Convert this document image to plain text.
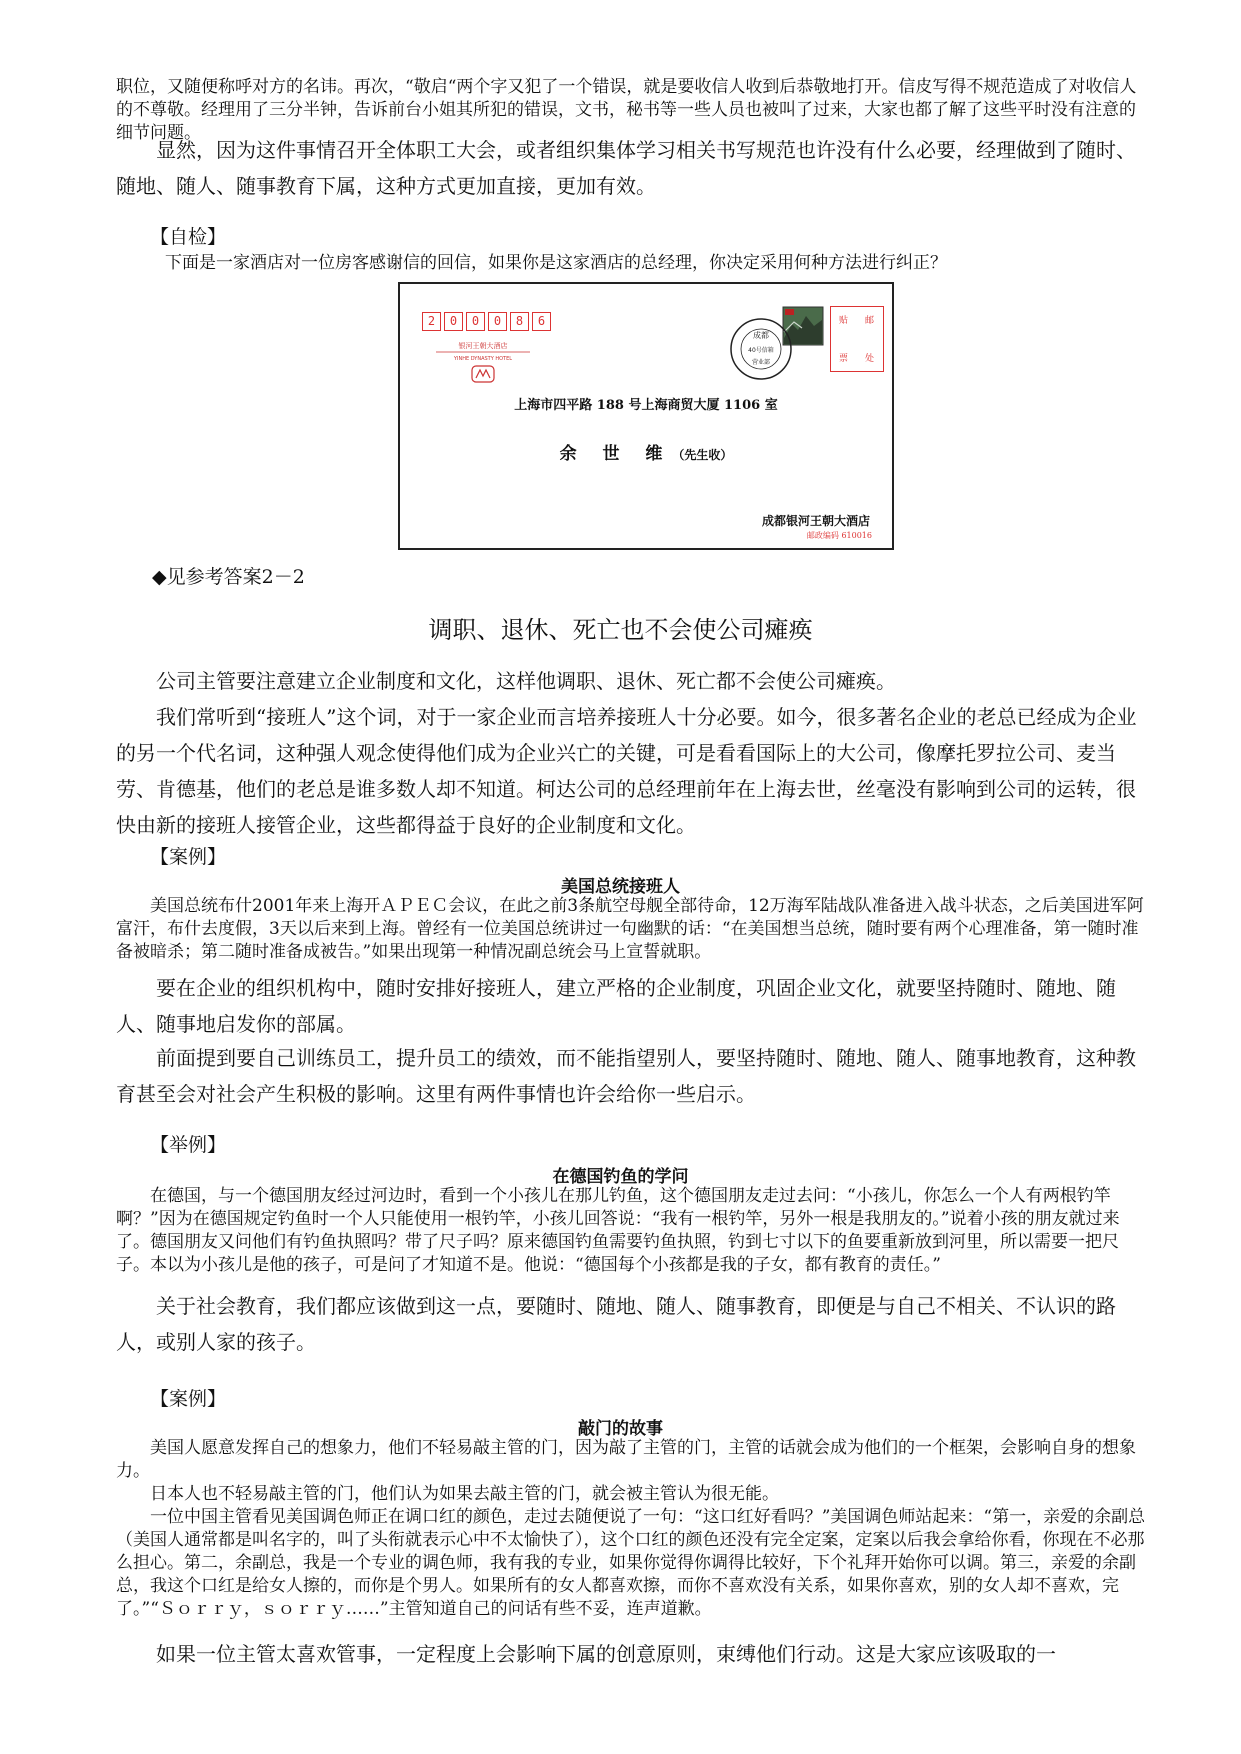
职位，又随便称呼对方的名讳。再次，“敬启“两个字又犯了一个错误，就是要收信人收到后恭敬地打开。信皮写得不规范造成了对收信人的不尊敬。经理用了三分半钟，告诉前台小姐其所犯的错误，文书，秘书等一些人员也被叫了过来，大家也都了解了这些平时没有注意的细节问题。

显然，因为这件事情召开全体职工大会，或者组织集体学习相关书写规范也许没有什么必要，经理做到了随时、随地、随人、随事教育下属，这种方式更加直接，更加有效。

【自检】

下面是一家酒店对一位房客感谢信的回信，如果你是这家酒店的总经理，你决定采用何种方法进行纠正？

2	0	0	0	8	6
银河王朝大酒店
YINHE DYNASTY HOTEL
成都
40号信箱
营业部
贴 邮
票 处
上海市四平路 188 号上海商贸大厦 1106 室
余 世 维（先生收）
成都银河王朝大酒店
邮政编码 610016

◆见参考答案2－2

调职、退休、死亡也不会使公司瘫痪

公司主管要注意建立企业制度和文化，这样他调职、退休、死亡都不会使公司瘫痪。

我们常听到“接班人”这个词，对于一家企业而言培养接班人十分必要。如今，很多著名企业的老总已经成为企业的另一个代名词，这种强人观念使得他们成为企业兴亡的关键，可是看看国际上的大公司，像摩托罗拉公司、麦当劳、肯德基，他们的老总是谁多数人却不知道。柯达公司的总经理前年在上海去世，丝毫没有影响到公司的运转，很快由新的接班人接管企业，这些都得益于良好的企业制度和文化。

【案例】

美国总统接班人

美国总统布什2001年来上海开ＡＰＥＣ会议，在此之前3条航空母舰全部待命，12万海军陆战队准备进入战斗状态，之后美国进军阿富汗，布什去度假，3天以后来到上海。曾经有一位美国总统讲过一句幽默的话：“在美国想当总统，随时要有两个心理准备，第一随时准备被暗杀；第二随时准备成被告。”如果出现第一种情况副总统会马上宣誓就职。

要在企业的组织机构中，随时安排好接班人，建立严格的企业制度，巩固企业文化，就要坚持随时、随地、随人、随事地启发你的部属。

前面提到要自己训练员工，提升员工的绩效，而不能指望别人，要坚持随时、随地、随人、随事地教育，这种教育甚至会对社会产生积极的影响。这里有两件事情也许会给你一些启示。

【举例】

在德国钓鱼的学问

在德国，与一个德国朋友经过河边时，看到一个小孩儿在那儿钓鱼，这个德国朋友走过去问：“小孩儿，你怎么一个人有两根钓竿啊？”因为在德国规定钓鱼时一个人只能使用一根钓竿，小孩儿回答说：“我有一根钓竿，另外一根是我朋友的。”说着小孩的朋友就过来了。德国朋友又问他们有钓鱼执照吗？带了尺子吗？原来德国钓鱼需要钓鱼执照，钓到七寸以下的鱼要重新放到河里，所以需要一把尺子。本以为小孩儿是他的孩子，可是问了才知道不是。他说：“德国每个小孩都是我的子女，都有教育的责任。”

关于社会教育，我们都应该做到这一点，要随时、随地、随人、随事教育，即便是与自己不相关、不认识的路人，或别人家的孩子。

【案例】

敲门的故事

美国人愿意发挥自己的想象力，他们不轻易敲主管的门，因为敲了主管的门，主管的话就会成为他们的一个框架，会影响自身的想象力。

日本人也不轻易敲主管的门，他们认为如果去敲主管的门，就会被主管认为很无能。

一位中国主管看见美国调色师正在调口红的颜色，走过去随便说了一句：“这口红好看吗？”美国调色师站起来：“第一，亲爱的余副总（美国人通常都是叫名字的，叫了头衔就表示心中不太愉快了），这个口红的颜色还没有完全定案，定案以后我会拿给你看，你现在不必那么担心。第二，余副总，我是一个专业的调色师，我有我的专业，如果你觉得你调得比较好，下个礼拜开始你可以调。第三，亲爱的余副总，我这个口红是给女人擦的，而你是个男人。如果所有的女人都喜欢擦，而你不喜欢没有关系，如果你喜欢，别的女人却不喜欢，完了。”“Ｓｏｒｒｙ，ｓｏｒｒｙ……”主管知道自己的问话有些不妥，连声道歉。

如果一位主管太喜欢管事，一定程度上会影响下属的创意原则，束缚他们行动。这是大家应该吸取的一
